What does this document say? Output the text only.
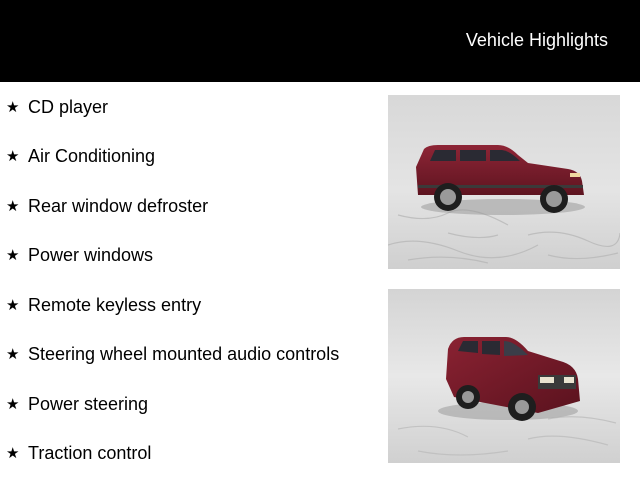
Vehicle Highlights
★ CD player
★ Air Conditioning
★ Rear window defroster
★ Power windows
★ Remote keyless entry
★ Steering wheel mounted audio controls
★ Power steering
★ Traction control
